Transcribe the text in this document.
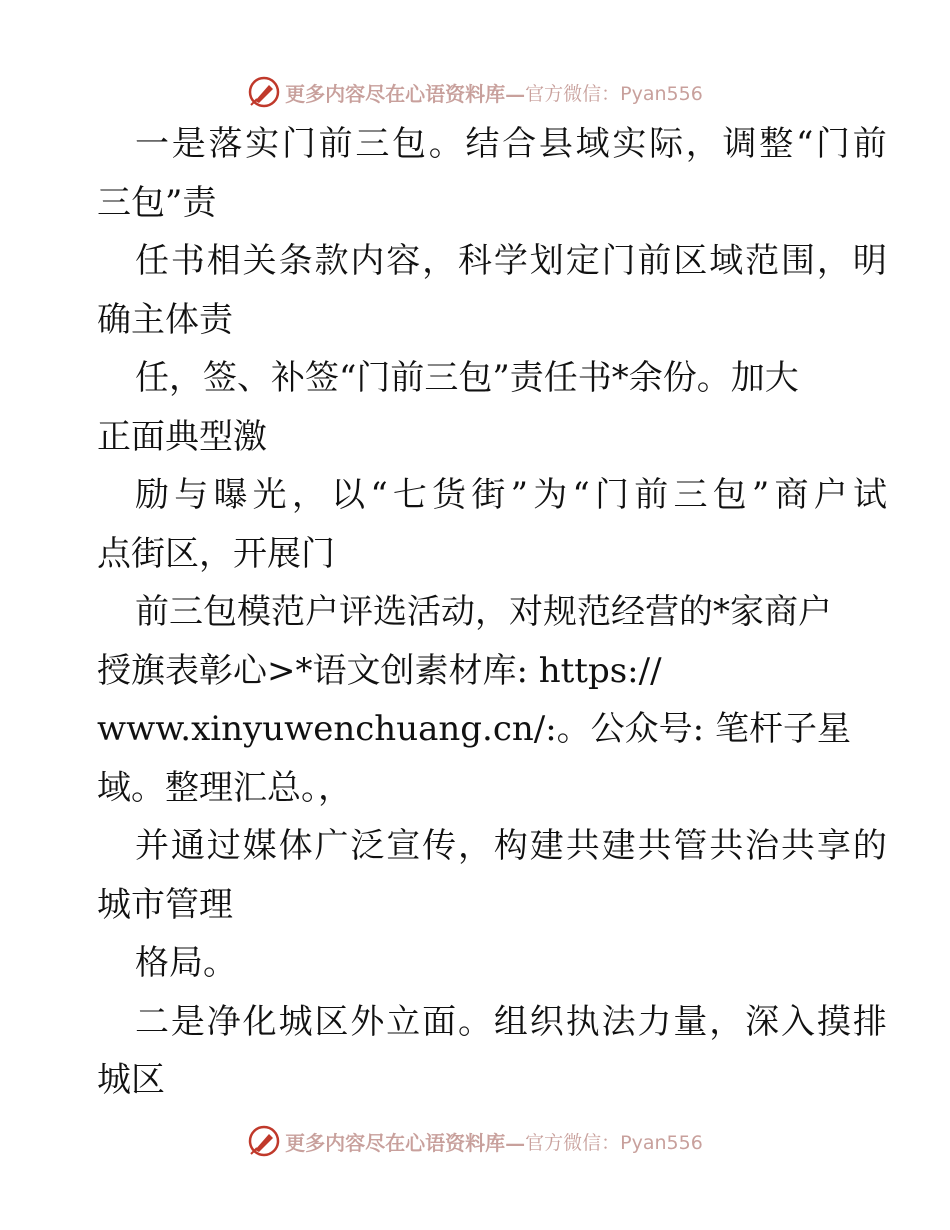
更多内容尽在心语资料库— 官方微信：Pyan556
一 是 落 实 门 前 三 包 。 结 合 县 域 实 际 ， 调 整 “ 门 前
三包”责
任 书 相 关 条 款 内 容 ， 科 学 划 定 门 前 区 域 范 围 ， 明
确主体责
任，签、补签“门前三包”责任书*余份。加大
正面典型激
励 与 曝 光 ， 以 “ 七 货 街 ” 为 “ 门 前 三 包 ” 商 户 试
点街区，开展门
前三包模范户评选活动，对规范经营的*家商户
授旗表彰心>*语文创素材库: https://
www.xinyuwenchuang.cn/:。公众号: 笔杆子星
域。整理汇总。，
并 通 过 媒 体 广 泛 宣 传 ， 构 建 共 建 共 管 共 治 共 享 的
城市管理
格局。
二 是 净 化 城 区 外 立 面 。 组 织 执 法 力 量 ， 深 入 摸 排
城区
更多内容尽在心语资料库— 官方微信：Pyan556
